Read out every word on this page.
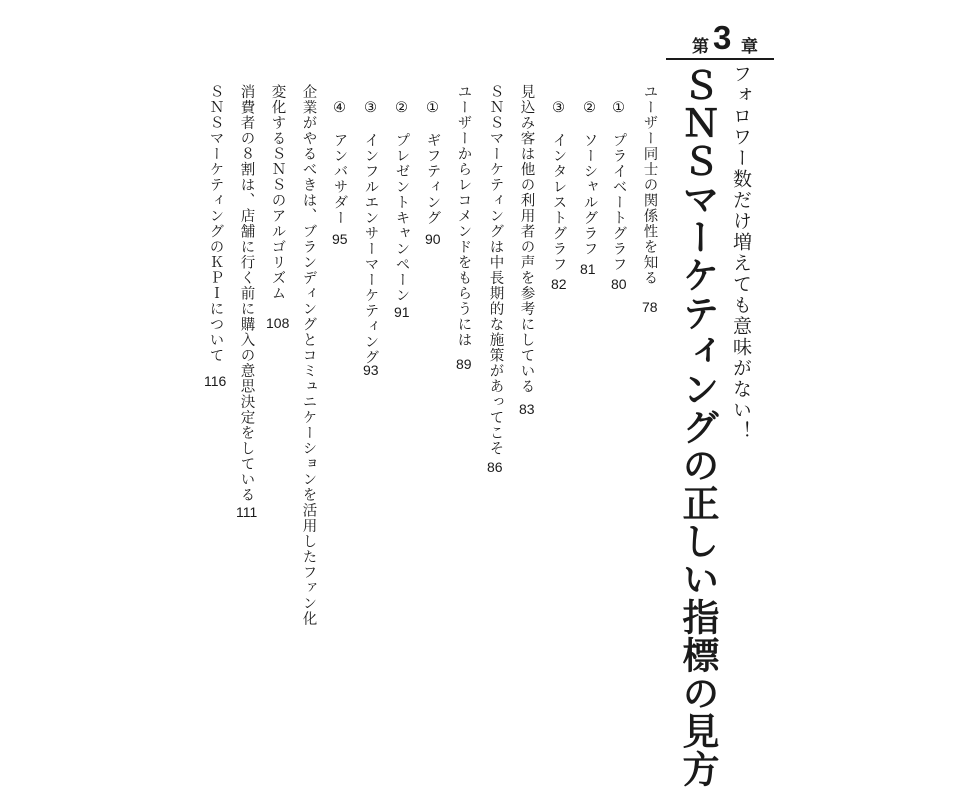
第 3 章
フォロワー数だけ増えても意味がない！
ＳＮＳマーケティングの正しい指標の見方
ユーザー同士の関係性を知る
78
①　プライベートグラフ
80
②　ソーシャルグラフ
81
③　インタレストグラフ
82
見込み客は他の利用者の声を参考にしている
83
ＳＮＳマーケティングは中長期的な施策があってこそ
86
ユーザーからレコメンドをもらうには
89
①　ギフティング
90
②　プレゼントキャンペーン
91
③　インフルエンサーマーケティング
93
④　アンバサダー
95
企業がやるべきは、ブランディングとコミュニケーションを活用したファン化
変化するＳＮＳのアルゴリズム
108
消費者の８割は、店舗に行く前に購入の意思決定をしている
111
ＳＮＳマーケティングのＫＰＩについて
116
